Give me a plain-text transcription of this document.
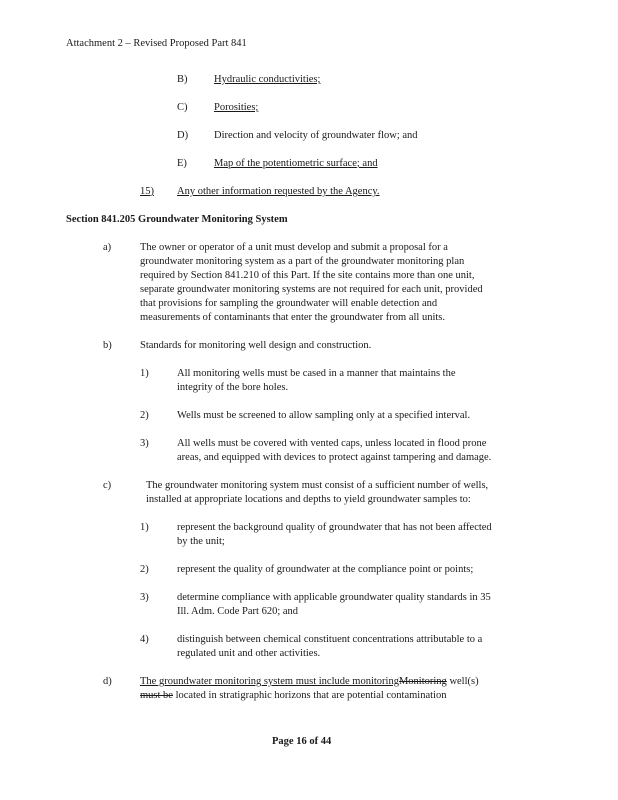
Attachment 2 – Revised Proposed Part 841
B)	Hydraulic conductivities;
C)	Porosities;
D) Direction and velocity of groundwater flow; and
E)	Map of the potentiometric surface; and
15) Any other information requested by the Agency.
Section 841.205 Groundwater Monitoring System
a)	The owner or operator of a unit must develop and submit a proposal for a
groundwater monitoring system as a part of the groundwater monitoring plan
required by Section 841.210 of this Part. If the site contains more than one unit,
separate groundwater monitoring systems are not required for each unit, provided
that provisions for sampling the groundwater will enable detection and
measurements of contaminants that enter the groundwater from all units.
b)	Standards for monitoring well design and construction.
1)	All monitoring wells must be cased in a manner that maintains the
integrity of the bore holes.
2)	Wells must be screened to allow sampling only at a specified interval.
3)	All wells must be covered with vented caps, unless located in flood prone
areas, and equipped with devices to protect against tampering and damage.
c)	The groundwater monitoring system must consist of a sufficient number of wells,
installed at appropriate locations and depths to yield groundwater samples to:
1)	represent the background quality of groundwater that has not been affected
by the unit;
2)	represent the quality of groundwater at the compliance point or points;
3)	determine compliance with applicable groundwater quality standards in 35
Ill. Adm. Code Part 620; and
4)	distinguish between chemical constituent concentrations attributable to a
regulated unit and other activities.
d)	The groundwater monitoring system must include monitoringMonitoring well(s)
must be located in stratigraphic horizons that are potential contamination
Page 16 of 44
